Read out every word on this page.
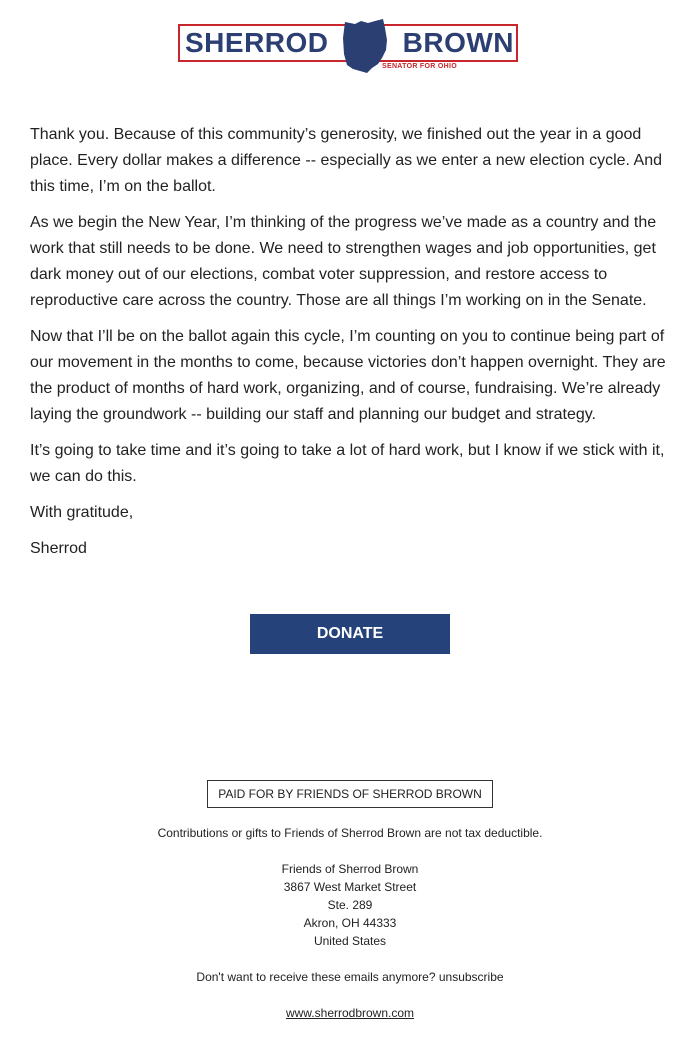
SHERROD	BROWN
SENATOR FOR OHIO

Thank you. Because of this community’s generosity, we finished out the year in a good place. Every dollar makes a difference -- especially as we enter a new election cycle. And this time, I’m on the ballot.

As we begin the New Year, I’m thinking of the progress we’ve made as a country and the work that still needs to be done. We need to strengthen wages and job opportunities, get dark money out of our elections, combat voter suppression, and restore access to reproductive care across the country. Those are all things I’m working on in the Senate.

Now that I’ll be on the ballot again this cycle, I’m counting on you to continue being part of our movement in the months to come, because victories don’t happen overnight. They are the product of months of hard work, organizing, and of course, fundraising. We’re already laying the groundwork -- building our staff and planning our budget and strategy.

It’s going to take time and it’s going to take a lot of hard work, but I know if we stick with it, we can do this.

With gratitude,

Sherrod

DONATE
PAID FOR BY FRIENDS OF SHERROD BROWN
Contributions or gifts to Friends of Sherrod Brown are not tax deductible.
Friends of Sherrod Brown
3867 West Market Street
Ste. 289
Akron, OH 44333
United States
Don't want to receive these emails anymore? unsubscribe
www.sherrodbrown.com
